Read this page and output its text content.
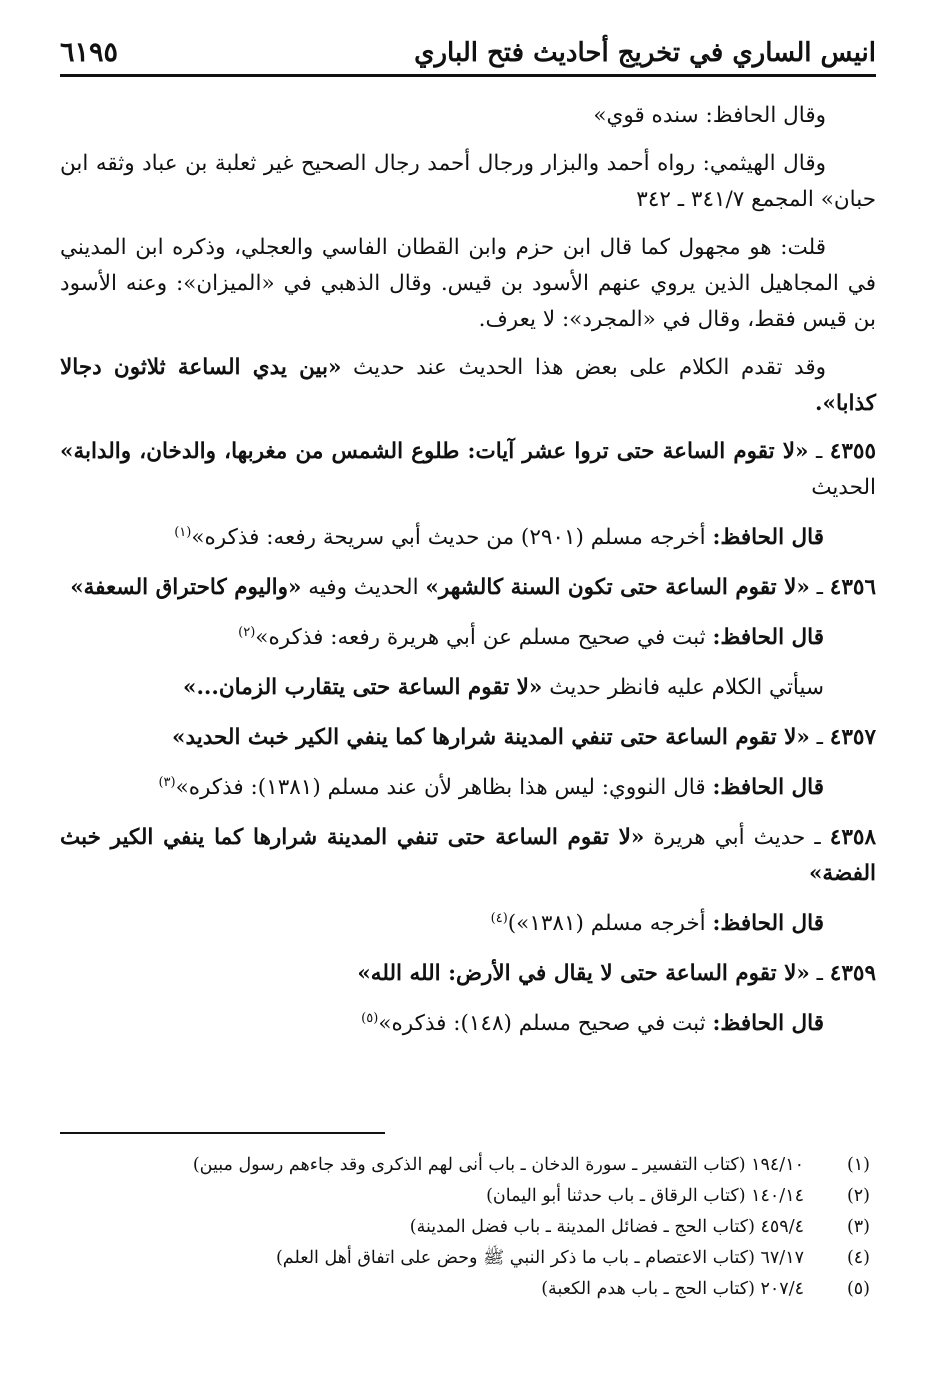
انيس الساري في تخريج أحاديث فتح الباري
٦١٩٥

وقال الحافظ: سنده قوي»

وقال الهيثمي: رواه أحمد والبزار ورجال أحمد رجال الصحيح غير ثعلبة بن عباد وثقه ابن حبان» المجمع ٣٤١/٧ ـ ٣٤٢

قلت: هو مجهول كما قال ابن حزم وابن القطان الفاسي والعجلي، وذكره ابن المديني في المجاهيل الذين يروي عنهم الأسود بن قيس. وقال الذهبي في «الميزان»: وعنه الأسود بن قيس فقط، وقال في «المجرد»: لا يعرف.

وقد تقدم الكلام على بعض هذا الحديث عند حديث «بين يدي الساعة ثلاثون دجالا كذابا».

٤٣٥٥ ـ «لا تقوم الساعة حتى تروا عشر آيات: طلوع الشمس من مغربها، والدخان، والدابة» الحديث

قال الحافظ: أخرجه مسلم (٢٩٠١) من حديث أبي سريحة رفعه: فذكره»$^{(١)}$

٤٣٥٦ ـ «لا تقوم الساعة حتى تكون السنة كالشهر» الحديث وفيه «واليوم كاحتراق السعفة»

قال الحافظ: ثبت في صحيح مسلم عن أبي هريرة رفعه: فذكره»$^{(٢)}$

سيأتي الكلام عليه فانظر حديث «لا تقوم الساعة حتى يتقارب الزمان...»

٤٣٥٧ ـ «لا تقوم الساعة حتى تنفي المدينة شرارها كما ينفي الكير خبث الحديد»

قال الحافظ: قال النووي: ليس هذا بظاهر لأن عند مسلم (١٣٨١): فذكره»$^{(٣)}$

٤٣٥٨ ـ حديث أبي هريرة «لا تقوم الساعة حتى تنفي المدينة شرارها كما ينفي الكير خبث الفضة»

قال الحافظ: أخرجه مسلم (١٣٨١»)$^{(٤)}$

٤٣٥٩ ـ «لا تقوم الساعة حتى لا يقال في الأرض: الله الله»

قال الحافظ: ثبت في صحيح مسلم (١٤٨): فذكره»$^{(٥)}$

(١)
١٩٤/١٠ (كتاب التفسير ـ سورة الدخان ـ باب أنى لهم الذكرى وقد جاءهم رسول مبين)
(٢)
١٤٠/١٤ (كتاب الرقاق ـ باب حدثنا أبو اليمان)
(٣)
٤٥٩/٤ (كتاب الحج ـ فضائل المدينة ـ باب فضل المدينة)
(٤)
٦٧/١٧ (كتاب الاعتصام ـ باب ما ذكر النبي ﷺ وحض على اتفاق أهل العلم)
(٥)
٢٠٧/٤ (كتاب الحج ـ باب هدم الكعبة)
